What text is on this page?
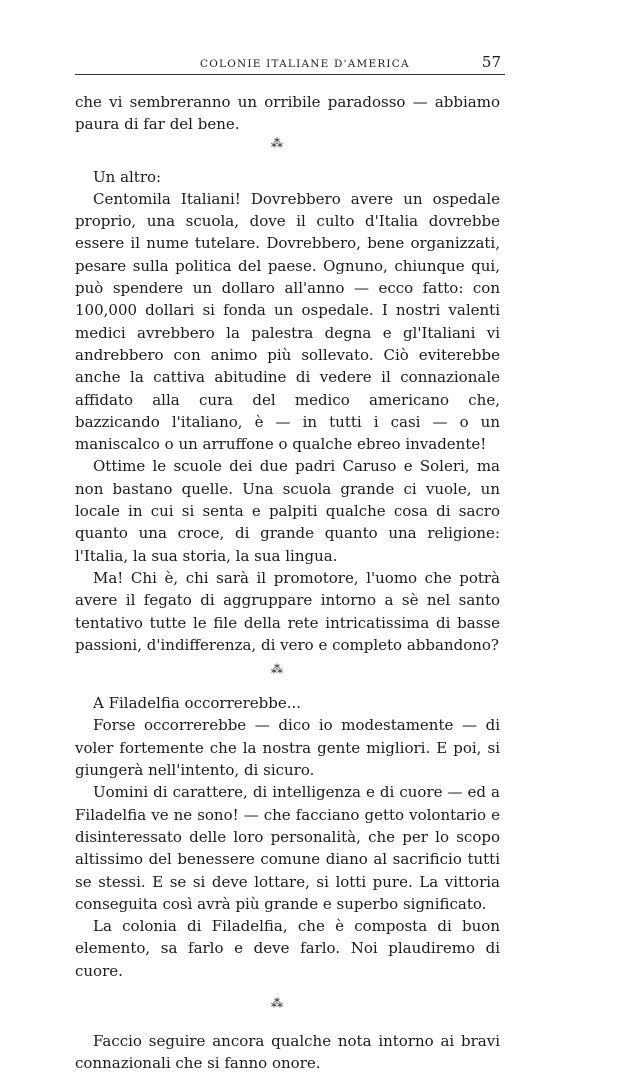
COLONIE ITALIANE D'AMERICA	57

che vi sembreranno un orribile paradosso — abbiamo paura di far del bene.

⁂

Un altro:

Centomila Italiani! Dovrebbero avere un ospedale proprio, una scuola, dove il culto d'Italia dovrebbe essere il nume tutelare. Dovrebbero, bene organizzati, pesare sulla politica del paese. Ognuno, chiunque qui, può spendere un dollaro all'anno — ecco fatto: con 100,000 dollari si fonda un ospedale. I nostri valenti medici avrebbero la palestra degna e gl'Italiani vi andrebbero con animo più sollevato. Ciò eviterebbe anche la cattiva abitudine di vedere il connazionale affidato alla cura del medico americano che, bazzicando l'italiano, è — in tutti i casi — o un maniscalco o un arruffone o qualche ebreo invadente!

Ottime le scuole dei due padri Caruso e Soleri, ma non bastano quelle. Una scuola grande ci vuole, un locale in cui si senta e palpiti qualche cosa di sacro quanto una croce, di grande quanto una religione: l'Italia, la sua storia, la sua lingua.

Ma! Chi è, chi sarà il promotore, l'uomo che potrà avere il fegato di aggruppare intorno a sè nel santo tentativo tutte le file della rete intricatissima di basse passioni, d'indifferenza, di vero e completo abbandono?

⁂

A Filadelfia occorrerebbe...

Forse occorrerebbe — dico io modestamente — di voler fortemente che la nostra gente migliori. E poi, si giungerà nell'intento, di sicuro.

Uomini di carattere, di intelligenza e di cuore — ed a Filadelfia ve ne sono! — che facciano getto volontario e disinteressato delle loro personalità, che per lo scopo altissimo del benessere comune diano al sacrificio tutti se stessi. E se si deve lottare, si lotti pure. La vittoria conseguita così avrà più grande e superbo significato.

La colonia di Filadelfia, che è composta di buon elemento, sa farlo e deve farlo. Noi plaudiremo di cuore.

⁂

Faccio seguire ancora qualche nota intorno ai bravi connazionali che si fanno onore.
